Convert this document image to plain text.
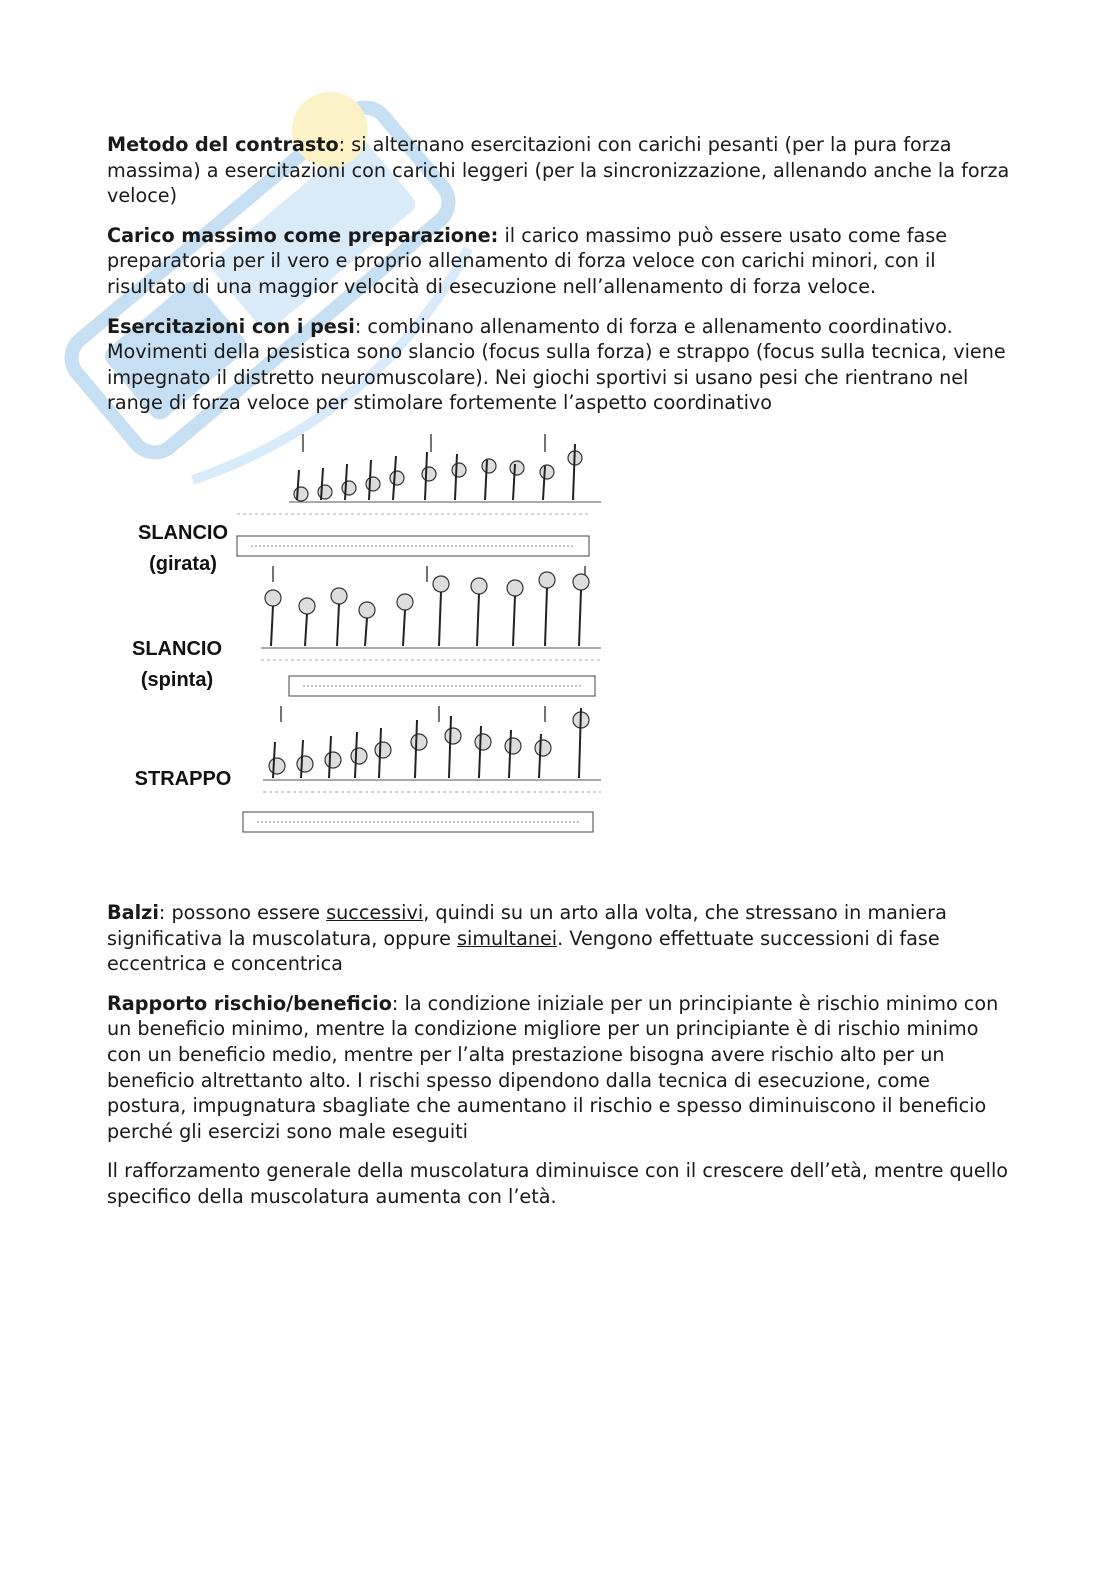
Metodo del contrasto: si alternano esercitazioni con carichi pesanti (per la pura forza massima) a esercitazioni con carichi leggeri (per la sincronizzazione, allenando anche la forza veloce)

Carico massimo come preparazione: il carico massimo può essere usato come fase preparatoria per il vero e proprio allenamento di forza veloce con carichi minori, con il risultato di una maggior velocità di esecuzione nell’allenamento di forza veloce.

Esercitazioni con i pesi: combinano allenamento di forza e allenamento coordinativo. Movimenti della pesistica sono slancio (focus sulla forza) e strappo (focus sulla tecnica, viene impegnato il distretto neuromuscolare). Nei giochi sportivi si usano pesi che rientrano nel range di forza veloce per stimolare fortemente l’aspetto coordinativo

SLANCIO
(girata)
SLANCIO
(spinta)
STRAPPO

Balzi: possono essere successivi, quindi su un arto alla volta, che stressano in maniera significativa la muscolatura, oppure simultanei. Vengono effettuate successioni di fase eccentrica e concentrica

Rapporto rischio/beneficio: la condizione iniziale per un principiante è rischio minimo con un beneficio minimo, mentre la condizione migliore per un principiante è di rischio minimo con un beneficio medio, mentre per l’alta prestazione bisogna avere rischio alto per un beneficio altrettanto alto. I rischi spesso dipendono dalla tecnica di esecuzione, come postura, impugnatura sbagliate che aumentano il rischio e spesso diminuiscono il beneficio perché gli esercizi sono male eseguiti

Il rafforzamento generale della muscolatura diminuisce con il crescere dell’età, mentre quello specifico della muscolatura aumenta con l’età.
